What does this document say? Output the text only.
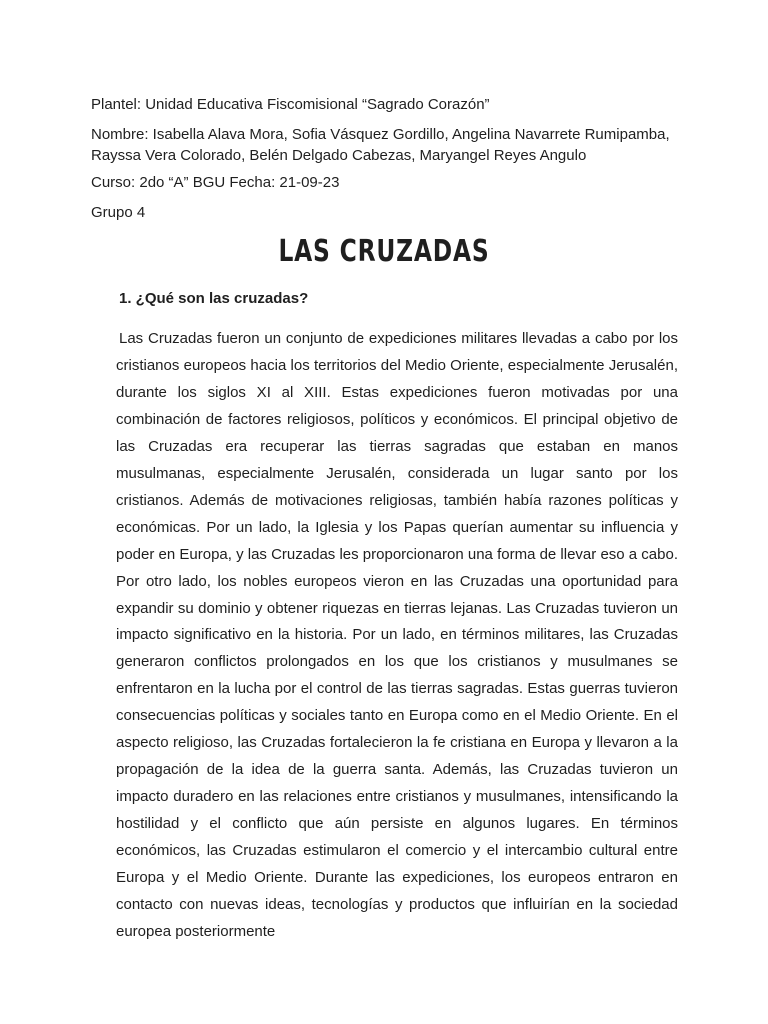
Plantel: Unidad Educativa Fiscomisional “Sagrado Corazón”

Nombre: Isabella Alava Mora, Sofia Vásquez Gordillo, Angelina Navarrete Rumipamba, Rayssa Vera Colorado, Belén Delgado Cabezas, Maryangel Reyes Angulo

Curso: 2do “A” BGU Fecha: 21-09-23

Grupo 4

LAS CRUZADAS

1. ¿Qué son las cruzadas?

Las Cruzadas fueron un conjunto de expediciones militares llevadas a cabo por los cristianos europeos hacia los territorios del Medio Oriente, especialmente Jerusalén, durante los siglos XI al XIII. Estas expediciones fueron motivadas por una combinación de factores religiosos, políticos y económicos. El principal objetivo de las Cruzadas era recuperar las tierras sagradas que estaban en manos musulmanas, especialmente Jerusalén, considerada un lugar santo por los cristianos. Además de motivaciones religiosas, también había razones políticas y económicas. Por un lado, la Iglesia y los Papas querían aumentar su influencia y poder en Europa, y las Cruzadas les proporcionaron una forma de llevar eso a cabo. Por otro lado, los nobles europeos vieron en las Cruzadas una oportunidad para expandir su dominio y obtener riquezas en tierras lejanas. Las Cruzadas tuvieron un impacto significativo en la historia. Por un lado, en términos militares, las Cruzadas generaron conflictos prolongados en los que los cristianos y musulmanes se enfrentaron en la lucha por el control de las tierras sagradas. Estas guerras tuvieron consecuencias políticas y sociales tanto en Europa como en el Medio Oriente. En el aspecto religioso, las Cruzadas fortalecieron la fe cristiana en Europa y llevaron a la propagación de la idea de la guerra santa. Además, las Cruzadas tuvieron un impacto duradero en las relaciones entre cristianos y musulmanes, intensificando la hostilidad y el conflicto que aún persiste en algunos lugares. En términos económicos, las Cruzadas estimularon el comercio y el intercambio cultural entre Europa y el Medio Oriente. Durante las expediciones, los europeos entraron en contacto con nuevas ideas, tecnologías y productos que influirían en la sociedad europea posteriormente
